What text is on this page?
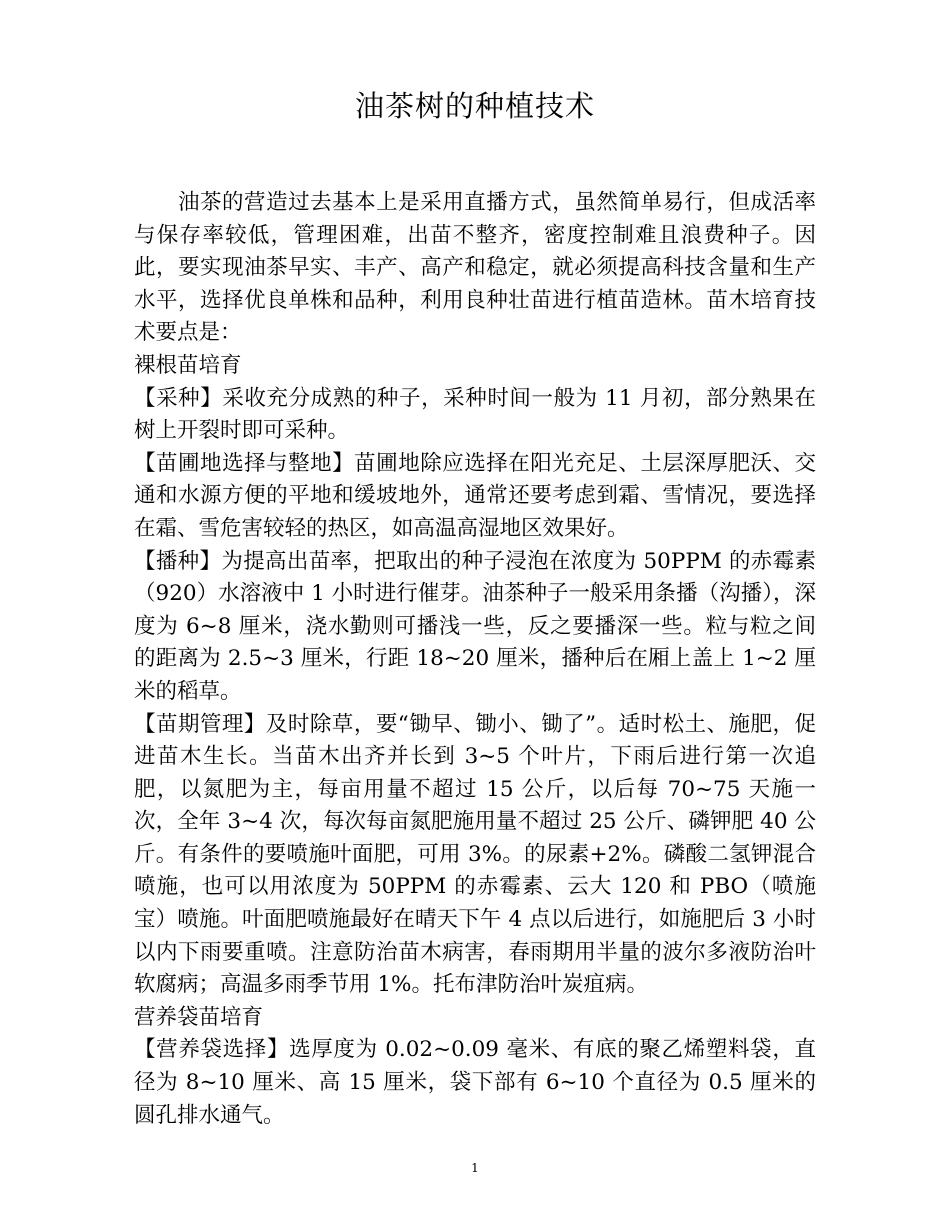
油茶树的种植技术

油茶的营造过去基本上是采用直播方式，虽然简单易行，但成活率与保存率较低，管理困难，出苗不整齐，密度控制难且浪费种子。因此，要实现油茶早实、丰产、高产和稳定，就必须提高科技含量和生产水平，选择优良单株和品种，利用良种壮苗进行植苗造林。苗木培育技术要点是：

裸根苗培育

【采种】采收充分成熟的种子，采种时间一般为 11 月初，部分熟果在树上开裂时即可采种。

【苗圃地选择与整地】苗圃地除应选择在阳光充足、土层深厚肥沃、交通和水源方便的平地和缓坡地外，通常还要考虑到霜、雪情况，要选择在霜、雪危害较轻的热区，如高温高湿地区效果好。

【播种】为提高出苗率，把取出的种子浸泡在浓度为 50PPM 的赤霉素（920）水溶液中 1 小时进行催芽。油茶种子一般采用条播（沟播），深度为 6~8 厘米，浇水勤则可播浅一些，反之要播深一些。粒与粒之间的距离为 2.5~3 厘米，行距 18~20 厘米，播种后在厢上盖上 1~2 厘米的稻草。

【苗期管理】及时除草，要“锄早、锄小、锄了”。适时松土、施肥，促进苗木生长。当苗木出齐并长到 3~5 个叶片，下雨后进行第一次追肥，以氮肥为主，每亩用量不超过 15 公斤，以后每 70~75 天施一次，全年 3~4 次，每次每亩氮肥施用量不超过 25 公斤、磷钾肥 40 公斤。有条件的要喷施叶面肥，可用 3%。的尿素+2%。磷酸二氢钾混合喷施，也可以用浓度为 50PPM 的赤霉素、云大 120 和 PBO（喷施宝）喷施。叶面肥喷施最好在晴天下午 4 点以后进行，如施肥后 3 小时以内下雨要重喷。注意防治苗木病害，春雨期用半量的波尔多液防治叶软腐病；高温多雨季节用 1%。托布津防治叶炭疽病。

营养袋苗培育

【营养袋选择】选厚度为 0.02~0.09 毫米、有底的聚乙烯塑料袋，直径为 8~10 厘米、高 15 厘米，袋下部有 6~10 个直径为 0.5 厘米的圆孔排水通气。

1
